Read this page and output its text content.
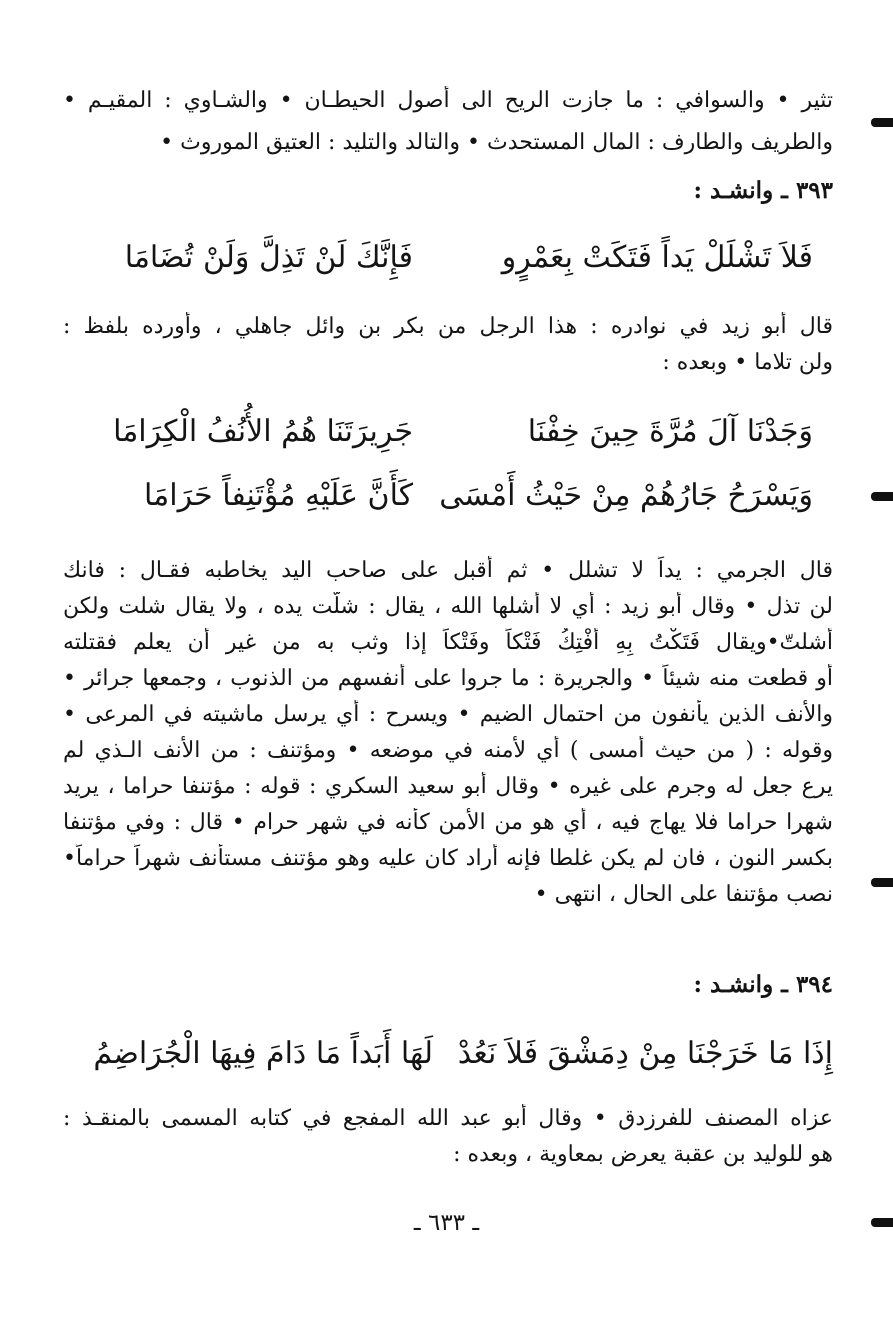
تثير • والسوافي : ما جازت الريح الى أصول الحيطـان • والشـاوي : المقيـم •
والطريف والطارف : المال المستحدث • والتالد والتليد : العتيق الموروث •
٣٩٣ ـ وانشـد :
فَلاَ تَشْلَلْ يَداً فَتَكَتْ بِعَمْرٍو
فَإِنَّكَ لَنْ تَذِلَّ وَلَنْ تُضَامَا
قال أبو زيد في نوادره : هذا الرجل من بكر بن وائل جاهلي ، وأورده بلفظ :
ولن تلاما • وبعده :
وَجَدْنَا آلَ مُرَّةَ حِينَ خِفْنَا
جَرِيرَتَنَا هُمُ الأُنُفُ الْكِرَامَا
وَيَسْرَحُ جَارُهُمْ مِنْ حَيْثُ أَمْسَى
كَأَنَّ عَلَيْهِ مُؤْتَنِفاً حَرَامَا
قال الجرمي : يداً لا تشلل • ثم أقبل على صاحب اليد يخاطبه فقـال : فانك
لن تذل • وقال أبو زيد : أي لا أشلها الله ، يقال : شلّت يده ، ولا يقال شلت ولكن
أشلتّ•ويقال فَتَكْتُ بِهِ أَفْتِكُ فَتْكاً وفَتْكاً إذا وثب به من غير أن يعلم فقتلته
أو قطعت منه شيئاً • والجريرة : ما جروا على أنفسهم من الذنوب ، وجمعها جرائر •
والأنف الذين يأنفون من احتمال الضيم • ويسرح : أي يرسل ماشيته في المرعى •
وقوله : ( من حيث أمسى ) أي لأمنه في موضعه • ومؤتنف : من الأنف الـذي لم
يرع جعل له وجرم على غيره • وقال أبو سعيد السكري : قوله : مؤتنفا حراما ، يريد
شهرا حراما فلا يهاج فيه ، أي هو من الأمن كأنه في شهر حرام • قال : وفي مؤتنفا
بكسر النون ، فان لم يكن غلطا فإنه أراد كان عليه وهو مؤتنف مستأنف شهراً حراماً•
نصب مؤتنفا على الحال ، انتهى •
٣٩٤ ـ وانشـد :
إِذَا مَا خَرَجْنَا مِنْ دِمَشْقَ فَلاَ نَعُدْ
لَهَا أَبَداً مَا دَامَ فِيهَا الْجُرَاضِمُ
عزاه المصنف للفرزدق • وقال أبو عبد الله المفجع في كتابه المسمى بالمنقـذ :
هو للوليد بن عقبة يعرض بمعاوية ، وبعده :
ـ ٦٣٣ ـ
